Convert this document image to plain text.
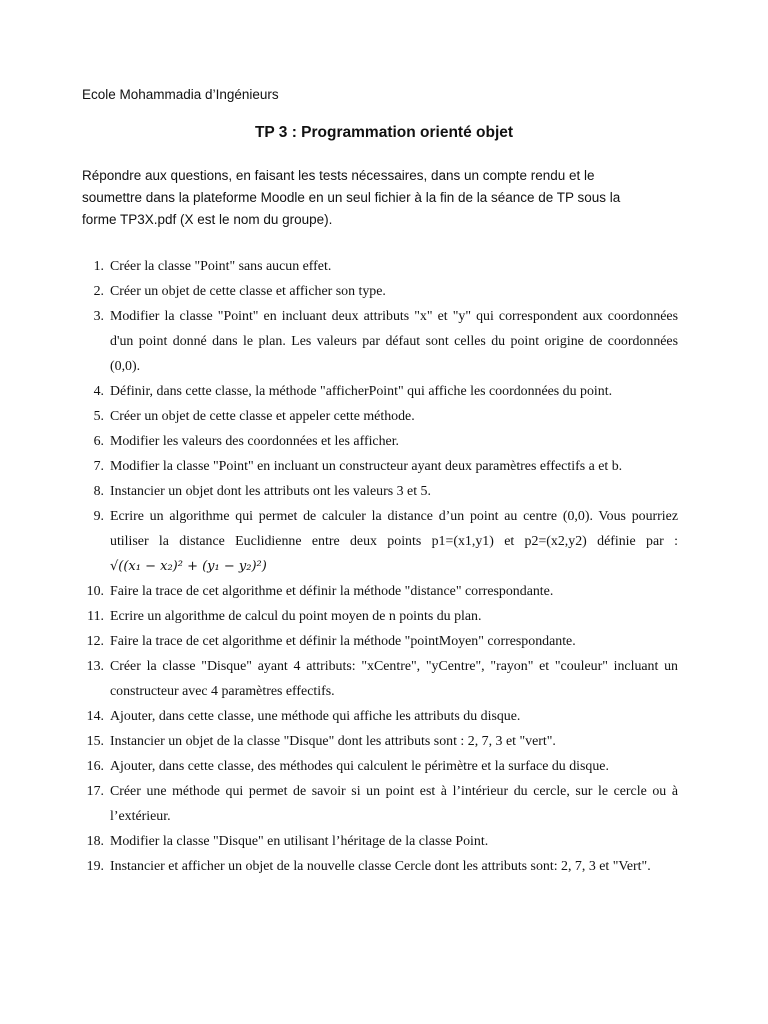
Ecole Mohammadia d’Ingénieurs

TP 3 : Programmation orienté objet

Répondre aux questions, en faisant les tests nécessaires, dans un compte rendu et le soumettre dans la plateforme Moodle en un seul fichier à la fin de la séance de TP sous la forme TP3X.pdf (X est le nom du groupe).

1. Créer la classe "Point" sans aucun effet.
2. Créer un objet de cette classe et afficher son type.
3. Modifier la classe "Point" en incluant deux attributs "x" et "y" qui correspondent aux coordonnées d'un point donné dans le plan. Les valeurs par défaut sont celles du point origine de coordonnées (0,0).
4. Définir, dans cette classe, la méthode "afficherPoint" qui affiche les coordonnées du point.
5. Créer un objet de cette classe et appeler cette méthode.
6. Modifier les valeurs des coordonnées et les afficher.
7. Modifier la classe "Point" en incluant un constructeur ayant deux paramètres effectifs a et b.
8. Instancier un objet dont les attributs ont les valeurs 3 et 5.
9. Ecrire un algorithme qui permet de calculer la distance d’un point au centre (0,0). Vous pourriez utiliser la distance Euclidienne entre deux points p1=(x1,y1) et p2=(x2,y2) définie par : √((x₁ − x₂)² + (y₁ − y₂)²)
10. Faire la trace de cet algorithme et définir la méthode "distance" correspondante.
11. Ecrire un algorithme de calcul du point moyen de n points du plan.
12. Faire la trace de cet algorithme et définir la méthode "pointMoyen" correspondante.
13. Créer la classe "Disque" ayant 4 attributs: "xCentre", "yCentre", "rayon" et "couleur" incluant un constructeur avec 4 paramètres effectifs.
14. Ajouter, dans cette classe, une méthode qui affiche les attributs du disque.
15. Instancier un objet de la classe "Disque" dont les attributs sont : 2, 7, 3 et "vert".
16. Ajouter, dans cette classe, des méthodes qui calculent le périmètre et la surface du disque.
17. Créer une méthode qui permet de savoir si un point est à l’intérieur du cercle, sur le cercle ou à l’extérieur.
18. Modifier la classe "Disque" en utilisant l’héritage de la classe Point.
19. Instancier et afficher un objet de la nouvelle classe Cercle dont les attributs sont: 2, 7, 3 et "Vert".
